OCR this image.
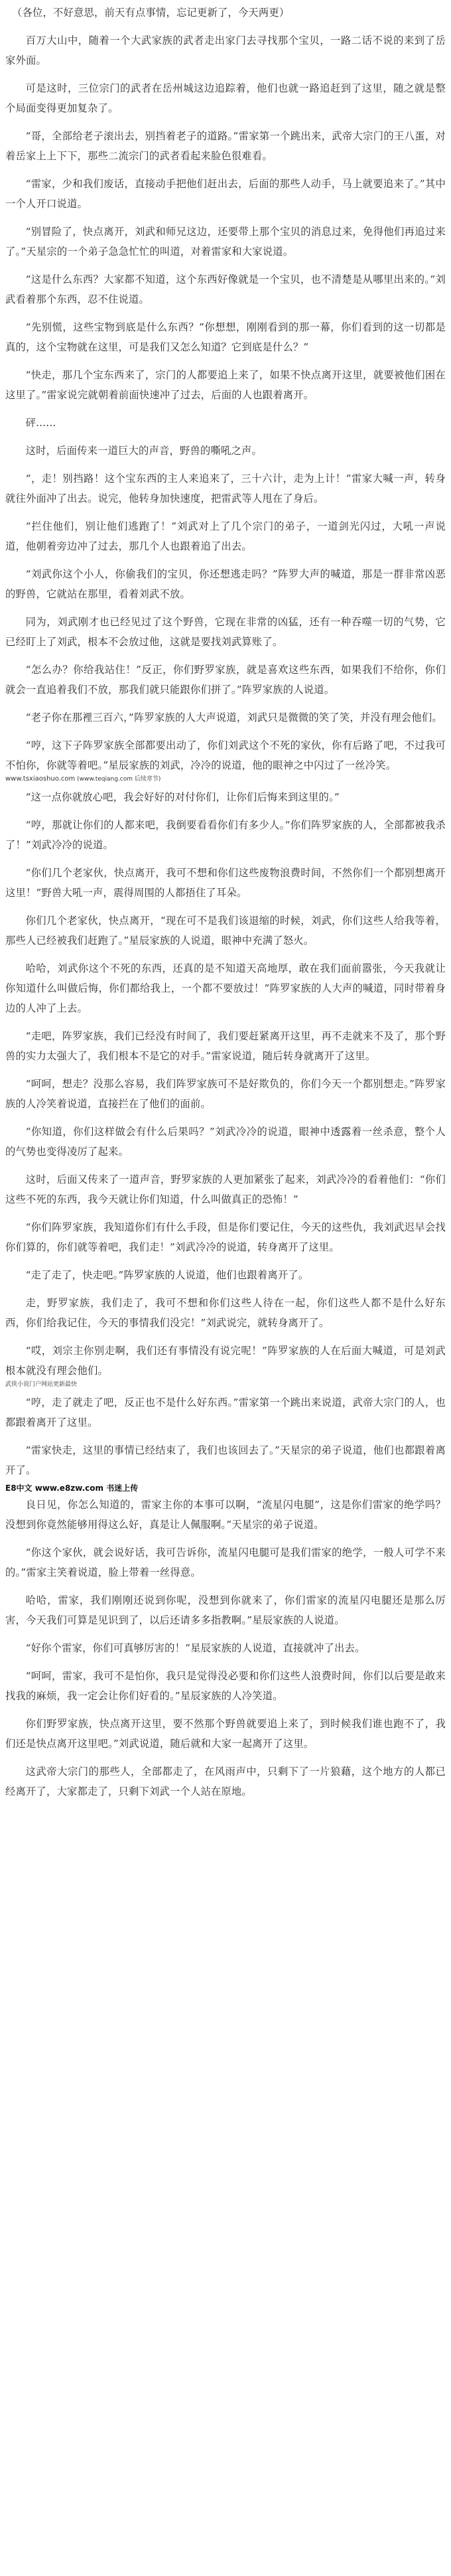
（各位，不好意思，前天有点事情，忘记更新了，今天两更）

百万大山中，随着一个大武家族的武者走出家门去寻找那个宝贝，一路二话不说的来到了岳家外面。

可是这时，三位宗门的武者在岳州城这边追踪着，他们也就一路追赶到了这里，随之就是整个局面变得更加复杂了。

“哥，全部给老子滚出去，别挡着老子的道路。”雷家第一个跳出来，武帝大宗门的王八蛋，对着岳家上上下下，那些二流宗门的武者看起来脸色很难看。

“雷家，少和我们废话，直接动手把他们赶出去，后面的那些人动手，马上就要追来了。”其中一个人开口说道。

“别冒险了，快点离开，刘武和师兄这边，还要带上那个宝贝的消息过来，免得他们再追过来了。”天星宗的一个弟子急急忙忙的叫道，对着雷家和大家说道。

“这是什么东西？大家都不知道，这个东西好像就是一个宝贝，也不清楚是从哪里出来的。”刘武看着那个东西，忍不住说道。

“先别慌，这些宝物到底是什么东西？”你想想，刚刚看到的那一幕，你们看到的这一切都是真的，这个宝物就在这里，可是我们又怎么知道？它到底是什么？”

“快走，那几个宝东西来了，宗门的人都要追上来了，如果不快点离开这里，就要被他们困在这里了。”雷家说完就朝着前面快速冲了过去，后面的人也跟着离开。

砰......

这时，后面传来一道巨大的声音，野兽的嘶吼之声。

“，走！别挡路！这个宝东西的主人来追来了，三十六计，走为上计！”雷家大喊一声，转身就往外面冲了出去。说完，他转身加快速度，把雷武等人甩在了身后。

“拦住他们，别让他们逃跑了！”刘武对上了几个宗门的弟子，一道剑光闪过，大吼一声说道，他朝着旁边冲了过去，那几个人也跟着追了出去。

“刘武你这个小人，你偷我们的宝贝，你还想逃走吗？”阵罗大声的喊道，那是一群非常凶恶的野兽，它就站在那里，看着刘武不放。

同为，刘武刚才也已经见过了这个野兽，它现在非常的凶猛，还有一种吞噬一切的气势，它已经盯上了刘武，根本不会放过他，这就是要找刘武算账了。

“怎么办？你给我站住！”反正，你们野罗家族，就是喜欢这些东西，如果我们不给你，你们就会一直追着我们不放，那我们就只能跟你们拼了。”阵罗家族的人说道。

“老子你在那裡三百六，”阵罗家族的人大声说道，刘武只是微微的笑了笑，并没有理会他们。

“哼，这下子阵罗家族全部都要出动了，你们刘武这个不死的家伙，你有后路了吧，不过我可不怕你，你就等着吧。”星辰家族的刘武，冷冷的说道，他的眼神之中闪过了一丝冷笑。

www.tsxiaoshuo.com (www.teqiang.com 后续章节)

“这一点你就放心吧，我会好好的对付你们，让你们后悔来到这里的。”

“哼，那就让你们的人都来吧，我倒要看看你们有多少人。”你们阵罗家族的人，全部都被我杀了！”刘武冷冷的说道。

“你们几个老家伙，快点离开，我可不想和你们这些废物浪费时间，不然你们一个都别想离开这里！”野兽大吼一声，震得周围的人都捂住了耳朵。

你们几个老家伙，快点离开，“现在可不是我们该退缩的时候，刘武，你们这些人给我等着，那些人已经被我们赶跑了。”星辰家族的人说道，眼神中充满了怒火。

哈哈，刘武你这个不死的东西，还真的是不知道天高地厚，敢在我们面前嚣张，今天我就让你知道什么叫做后悔，你们都给我上，一个都不要放过！”阵罗家族的人大声的喊道，同时带着身边的人冲了上去。

“走吧，阵罗家族，我们已经没有时间了，我们要赶紧离开这里，再不走就来不及了，那个野兽的实力太强大了，我们根本不是它的对手。”雷家说道，随后转身就离开了这里。

“呵呵，想走？没那么容易，我们阵罗家族可不是好欺负的，你们今天一个都别想走。”阵罗家族的人冷笑着说道，直接拦在了他们的面前。

“你知道，你们这样做会有什么后果吗？”刘武冷冷的说道，眼神中透露着一丝杀意，整个人的气势也变得凌厉了起来。

这时，后面又传来了一道声音，野罗家族的人更加紧张了起来，刘武冷冷的看着他们：“你们这些不死的东西，我今天就让你们知道，什么叫做真正的恐怖！”

“你们阵罗家族，我知道你们有什么手段，但是你们要记住，今天的这些仇，我刘武迟早会找你们算的，你们就等着吧，我们走！”刘武冷冷的说道，转身离开了这里。

“走了走了，快走吧。”阵罗家族的人说道，他们也跟着离开了。

走，野罗家族，我们走了，我可不想和你们这些人待在一起，你们这些人都不是什么好东西，你们给我记住，今天的事情我们没完！”刘武说完，就转身离开了。

“哎，刘宗主你别走啊，我们还有事情没有说完呢！”阵罗家族的人在后面大喊道，可是刘武根本就没有理会他们。

武侠小说门户网站更新最快

“哼，走了就走了吧，反正也不是什么好东西。”雷家第一个跳出来说道，武帝大宗门的人，也都跟着离开了这里。

“雷家快走，这里的事情已经结束了，我们也该回去了。”天星宗的弟子说道，他们也都跟着离开了。

E8中文 www.e8zw.com 书迷上传

良日见，你怎么知道的，雷家主你的本事可以啊，“流星闪电腿”，这是你们雷家的绝学吗？没想到你竟然能够用得这么好，真是让人佩服啊。”天星宗的弟子说道。

“你这个家伙，就会说好话，我可告诉你，流星闪电腿可是我们雷家的绝学，一般人可学不来的。”雷家主笑着说道，脸上带着一丝得意。

哈哈，雷家，我们刚刚还说到你呢，没想到你就来了，你们雷家的流星闪电腿还是那么厉害，今天我们可算是见识到了，以后还请多多指教啊。”星辰家族的人说道。

“好你个雷家，你们可真够厉害的！”星辰家族的人说道，直接就冲了出去。

“呵呵，雷家，我可不是怕你，我只是觉得没必要和你们这些人浪费时间，你们以后要是敢来找我的麻烦，我一定会让你们好看的。”星辰家族的人冷笑道。

你们野罗家族，快点离开这里，要不然那个野兽就要追上来了，到时候我们谁也跑不了，我们还是快点离开这里吧。”刘武说道，随后就和大家一起离开了这里。

这武帝大宗门的那些人，全部都走了，在风雨声中，只剩下了一片狼藉，这个地方的人都已经离开了，大家都走了，只剩下刘武一个人站在原地。
